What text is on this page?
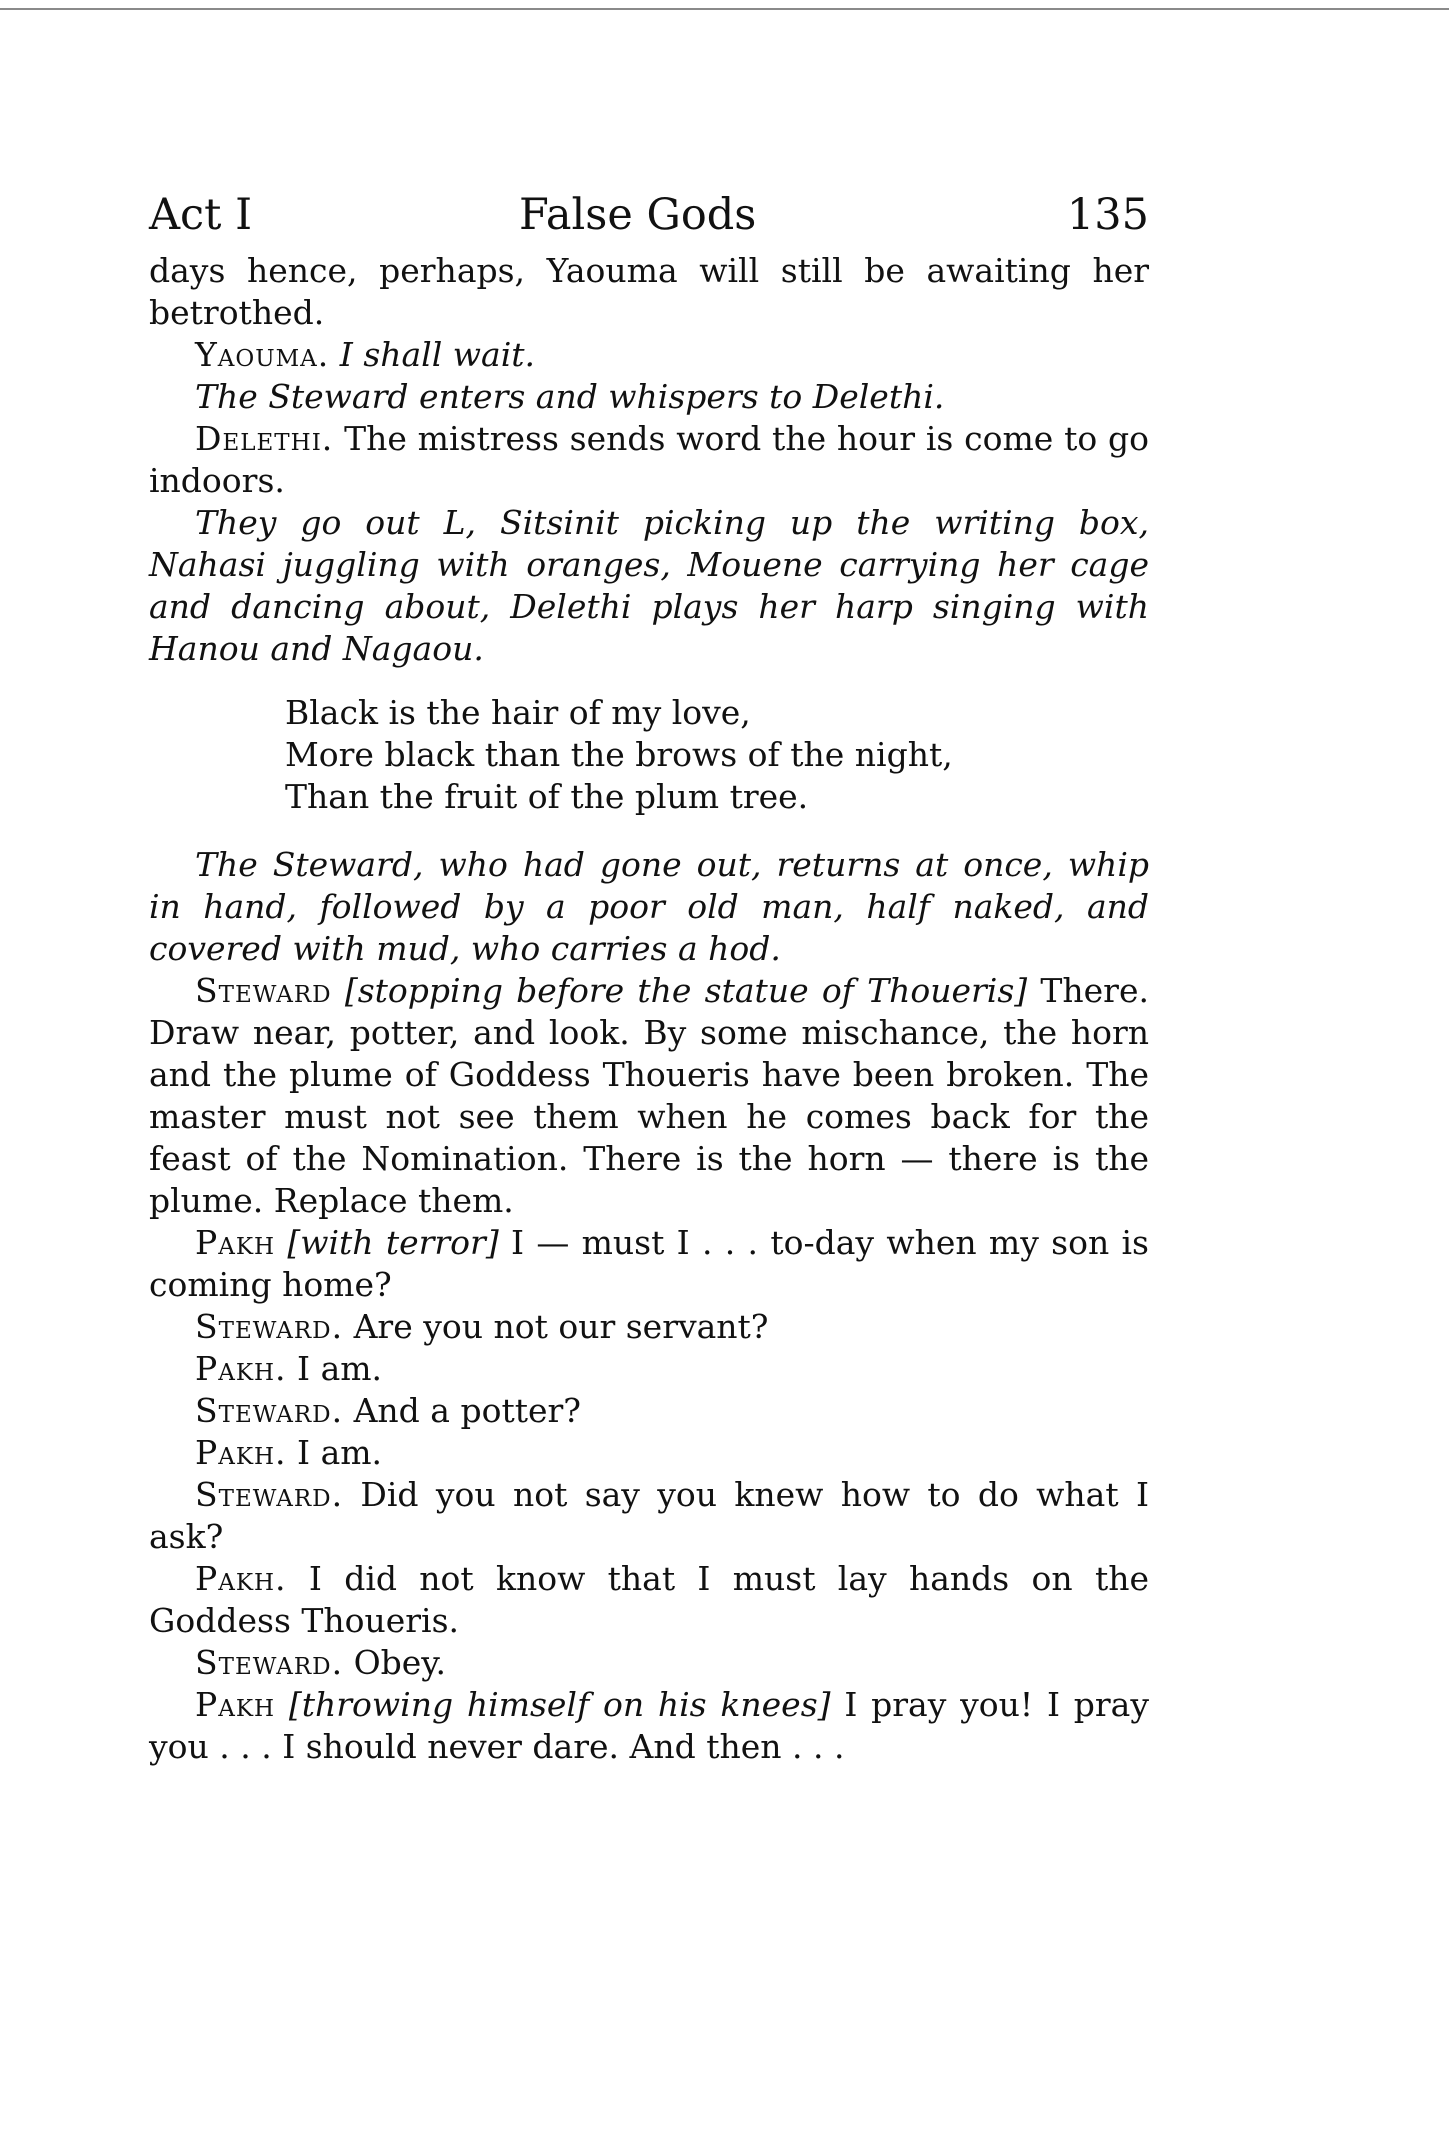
Act I	False Gods	135

days hence, perhaps, Yaouma will still be awaiting her betrothed.

Yaouma. I shall wait.

The Steward enters and whispers to Delethi.

Delethi. The mistress sends word the hour is come to go indoors.

They go out L, Sitsinit picking up the writing box, Nahasi juggling with oranges, Mouene carrying her cage and dancing about, Delethi plays her harp singing with Hanou and Nagaou.

Black is the hair of my love,
More black than the brows of the night,
Than the fruit of the plum tree.

The Steward, who had gone out, returns at once, whip in hand, followed by a poor old man, half naked, and covered with mud, who carries a hod.

Steward [stopping before the statue of Thoueris] There. Draw near, potter, and look. By some mischance, the horn and the plume of Goddess Thoueris have been broken. The master must not see them when he comes back for the feast of the Nomination. There is the horn — there is the plume. Replace them.

Pakh [with terror] I — must I . . . to-day when my son is coming home?

Steward. Are you not our servant?

Pakh. I am.

Steward. And a potter?

Pakh. I am.

Steward. Did you not say you knew how to do what I ask?

Pakh. I did not know that I must lay hands on the Goddess Thoueris.

Steward. Obey.

Pakh [throwing himself on his knees] I pray you! I pray you . . . I should never dare. And then . . .
